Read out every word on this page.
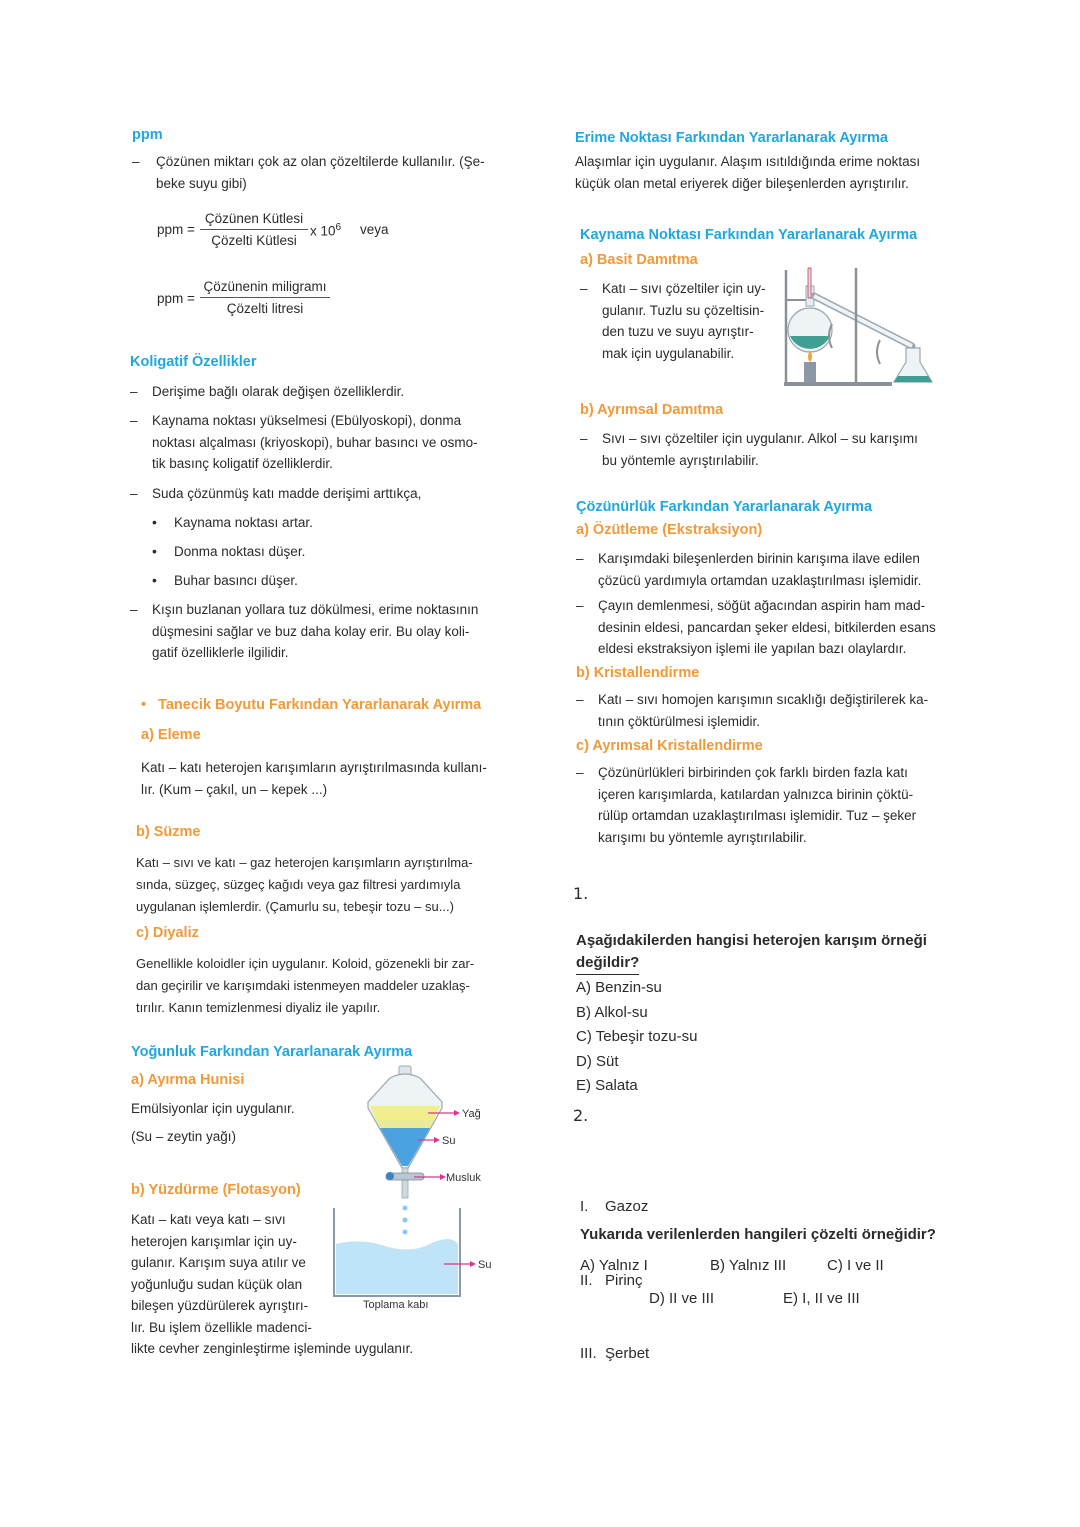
ppm
– Çözünen miktarı çok az olan çözeltilerde kullanılır. (Şe-
beke suyu gibi)
ppm =
Çözünen Kütlesi
Çözelti Kütlesi
x $10^6$ veya
ppm =
Çözünenin miligramı
Çözelti litresi
Koligatif Özellikler
– Derişime bağlı olarak değişen özelliklerdir.
– Kaynama noktası yükselmesi (Ebülyoskopi), donma
noktası alçalması (kriyoskopi), buhar basıncı ve osmo-
tik basınç koligatif özelliklerdir.
– Suda çözünmüş katı madde derişimi arttıkça,
• Kaynama noktası artar.
• Donma noktası düşer.
• Buhar basıncı düşer.
– Kışın buzlanan yollara tuz dökülmesi, erime noktasının
düşmesini sağlar ve buz daha kolay erir. Bu olay koli-
gatif özelliklerle ilgilidir.
• Tanecik Boyutu Farkından Yararlanarak Ayırma
a) Eleme
Katı – katı heterojen karışımların ayrıştırılmasında kullanı-
lır. (Kum – çakıl, un – kepek ...)
b) Süzme
Katı – sıvı ve katı – gaz heterojen karışımların ayrıştırılma-
sında, süzgeç, süzgeç kağıdı veya gaz filtresi yardımıyla
uygulanan işlemlerdir. (Çamurlu su, tebeşir tozu – su...)
c) Diyaliz
Genellikle koloidler için uygulanır. Koloid, gözenekli bir zar-
dan geçirilir ve karışımdaki istenmeyen maddeler uzaklaş-
tırılır. Kanın temizlenmesi diyaliz ile yapılır.
Yoğunluk Farkından Yararlanarak Ayırma
a) Ayırma Hunisi
Emülsiyonlar için uygulanır.
(Su – zeytin yağı)
b) Yüzdürme (Flotasyon)
Katı – katı veya katı – sıvı
heterojen karışımlar için uy-
gulanır. Karışım suya atılır ve
yoğunluğu sudan küçük olan
bileşen yüzdürülerek ayrıştırı-
lır. Bu işlem özellikle madenci-
likte cevher zenginleştirme işleminde uygulanır.
Yağ
Su
Musluk
Su
Toplama kabı
Erime Noktası Farkından Yararlanarak Ayırma
Alaşımlar için uygulanır. Alaşım ısıtıldığında erime noktası
küçük olan metal eriyerek diğer bileşenlerden ayrıştırılır.
Kaynama Noktası Farkından Yararlanarak Ayırma
a) Basit Damıtma
– Katı – sıvı çözeltiler için uy-
gulanır. Tuzlu su çözeltisin-
den tuzu ve suyu ayrıştır-
mak için uygulanabilir.
b) Ayrımsal Damıtma
– Sıvı – sıvı çözeltiler için uygulanır. Alkol – su karışımı
bu yöntemle ayrıştırılabilir.
Çözünürlük Farkından Yararlanarak Ayırma
a) Özütleme (Ekstraksiyon)
– Karışımdaki bileşenlerden birinin karışıma ilave edilen
çözücü yardımıyla ortamdan uzaklaştırılması işlemidir.
– Çayın demlenmesi, söğüt ağacından aspirin ham mad-
desinin eldesi, pancardan şeker eldesi, bitkilerden esans
eldesi ekstraksiyon işlemi ile yapılan bazı olaylardır.
b) Kristallendirme
– Katı – sıvı homojen karışımın sıcaklığı değiştirilerek ka-
tının çöktürülmesi işlemidir.
c) Ayrımsal Kristallendirme
– Çözünürlükleri birbirinden çok farklı birden fazla katı
içeren karışımlarda, katılardan yalnızca birinin çöktü-
rülüp ortamdan uzaklaştırılması işlemidir. Tuz – şeker
karışımı bu yöntemle ayrıştırılabilir.
1.
Aşağıdakilerden hangisi heterojen karışım örneği
değildir?
A) Benzin-su
B) Alkol-su
C) Tebeşir tozu-su
D) Süt
E) Salata
2.

I.    Gazoz

II.   Pirinç

III.  Şerbet

Yukarıda verilenlerden hangileri çözelti örneğidir?
A) Yalnız I	B) Yalnız III	C) I ve II
D) II ve III	E) I, II ve III
